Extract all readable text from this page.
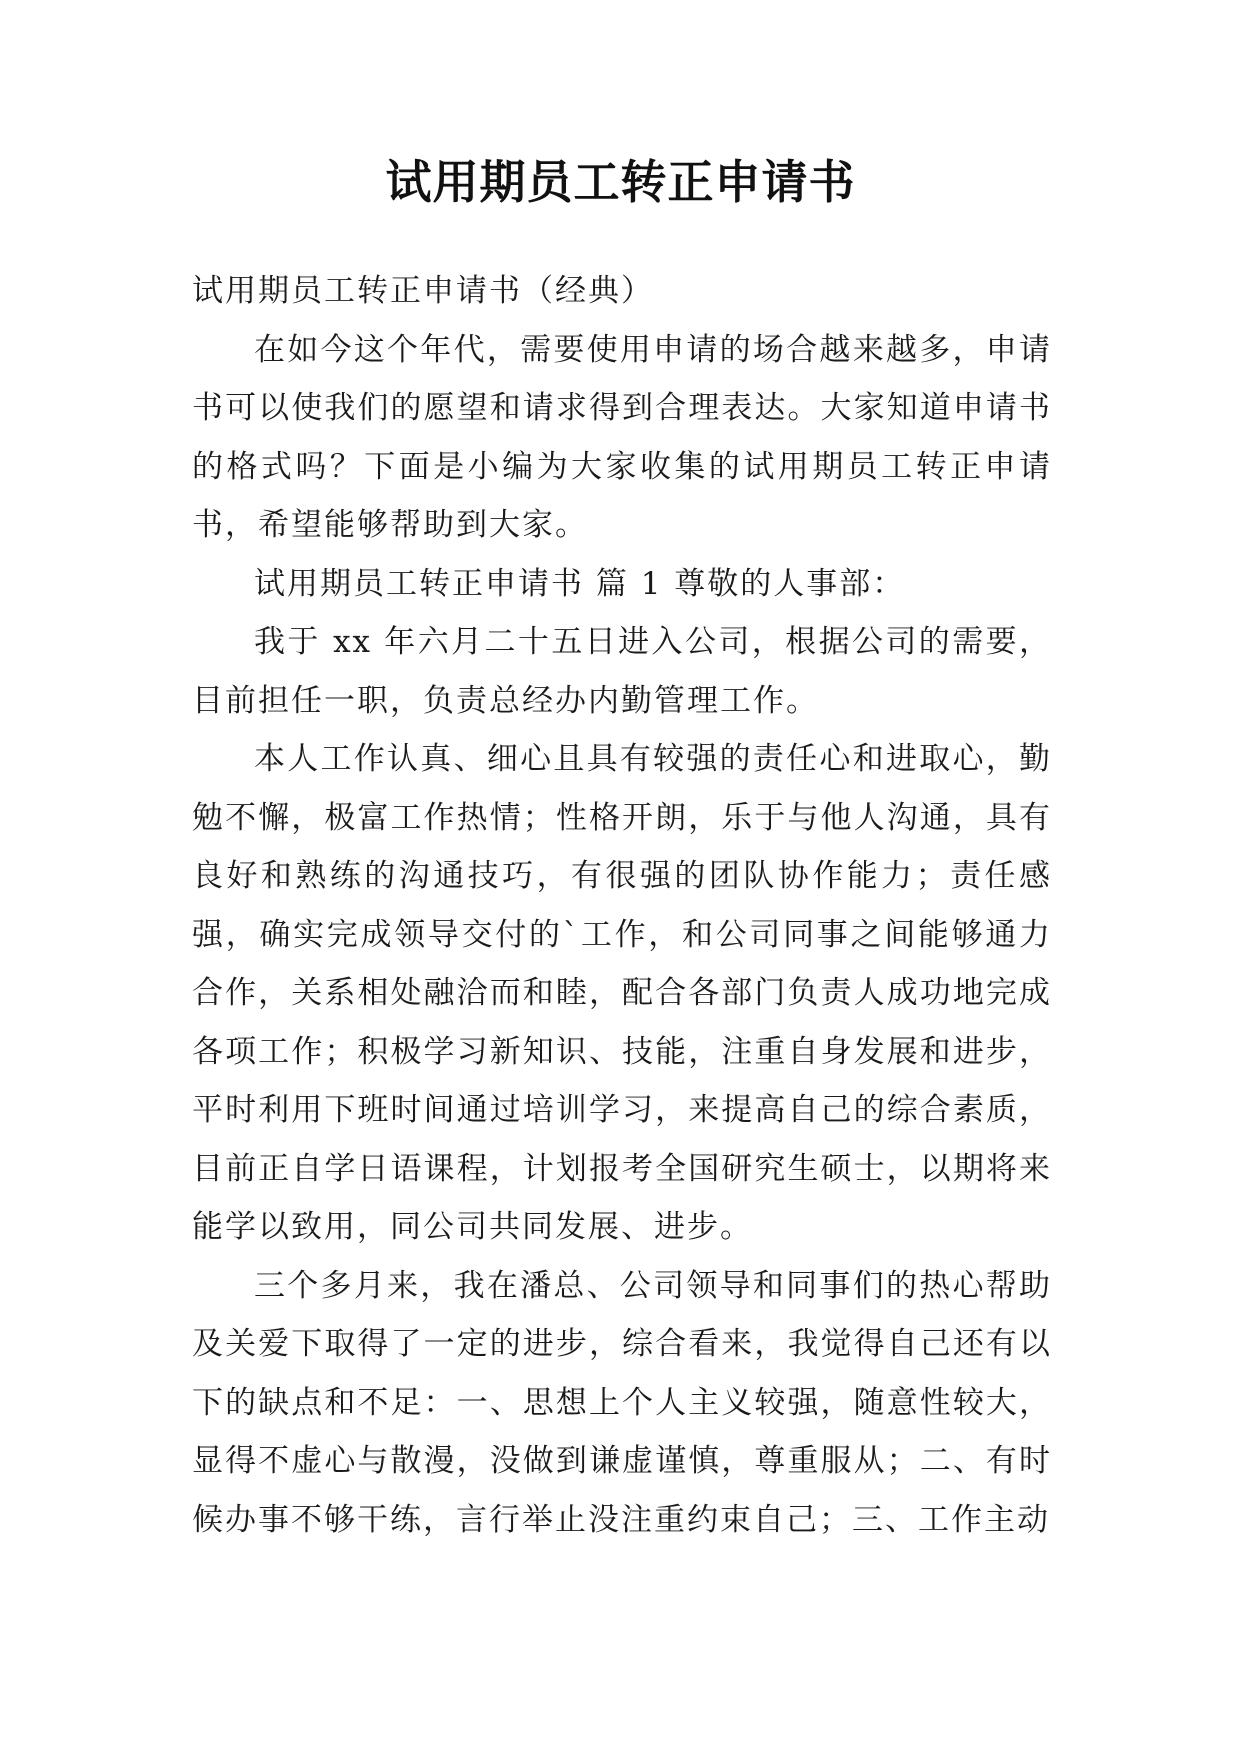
试用期员工转正申请书

试用期员工转正申请书（经典）

在如今这个年代，需要使用申请的场合越来越多，申请书可以使我们的愿望和请求得到合理表达。大家知道申请书的格式吗？下面是小编为大家收集的试用期员工转正申请书，希望能够帮助到大家。

试用期员工转正申请书 篇 1 尊敬的人事部：

我于 xx 年六月二十五日进入公司，根据公司的需要，目前担任一职，负责总经办内勤管理工作。

本人工作认真、细心且具有较强的责任心和进取心，勤勉不懈，极富工作热情；性格开朗，乐于与他人沟通，具有良好和熟练的沟通技巧，有很强的团队协作能力；责任感强，确实完成领导交付的`工作，和公司同事之间能够通力合作，关系相处融洽而和睦，配合各部门负责人成功地完成各项工作；积极学习新知识、技能，注重自身发展和进步，平时利用下班时间通过培训学习，来提高自己的综合素质，目前正自学日语课程，计划报考全国研究生硕士，以期将来能学以致用，同公司共同发展、进步。

三个多月来，我在潘总、公司领导和同事们的热心帮助及关爱下取得了一定的进步，综合看来，我觉得自己还有以下的缺点和不足：一、思想上个人主义较强，随意性较大，显得不虚心与散漫，没做到谦虚谨慎，尊重服从；二、有时候办事不够干练，言行举止没注重约束自己；三、工作主动
